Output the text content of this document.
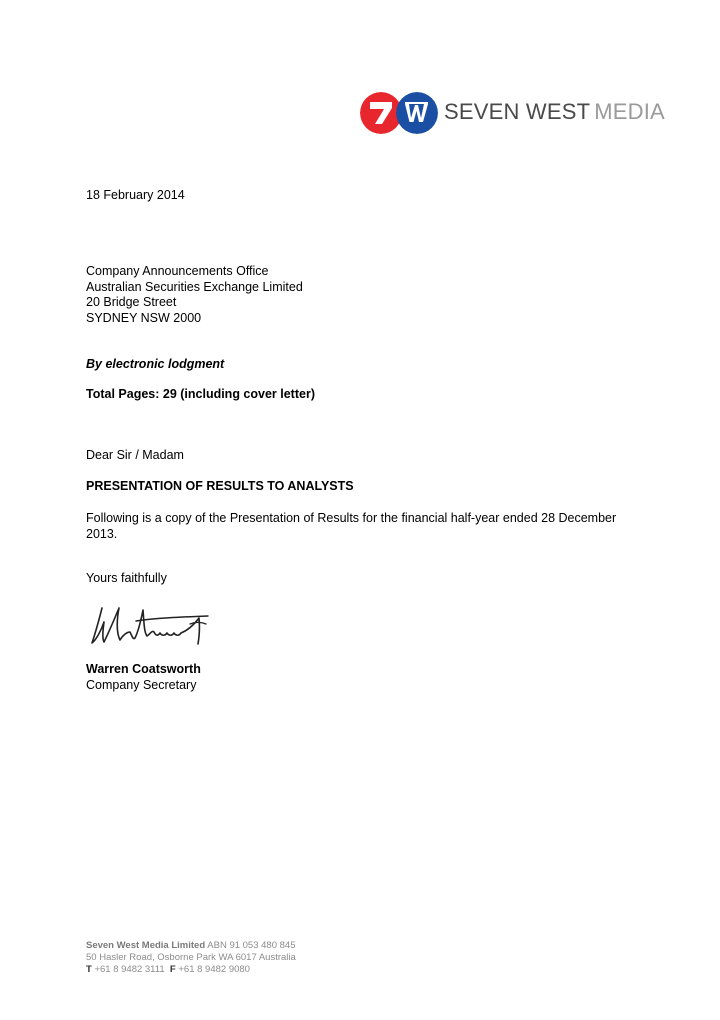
SEVEN WEST MEDIA
18 February 2014
Company Announcements Office
Australian Securities Exchange Limited
20 Bridge Street
SYDNEY NSW 2000
By electronic lodgment
Total Pages: 29 (including cover letter)
Dear Sir / Madam
PRESENTATION OF RESULTS TO ANALYSTS
Following is a copy of the Presentation of Results for the financial half-year ended 28 December
2013.
Yours faithfully
Warren Coatsworth
Company Secretary
Seven West Media Limited ABN 91 053 480 845
50 Hasler Road, Osborne Park WA 6017 Australia
T +61 8 9482 3111 F +61 8 9482 9080
